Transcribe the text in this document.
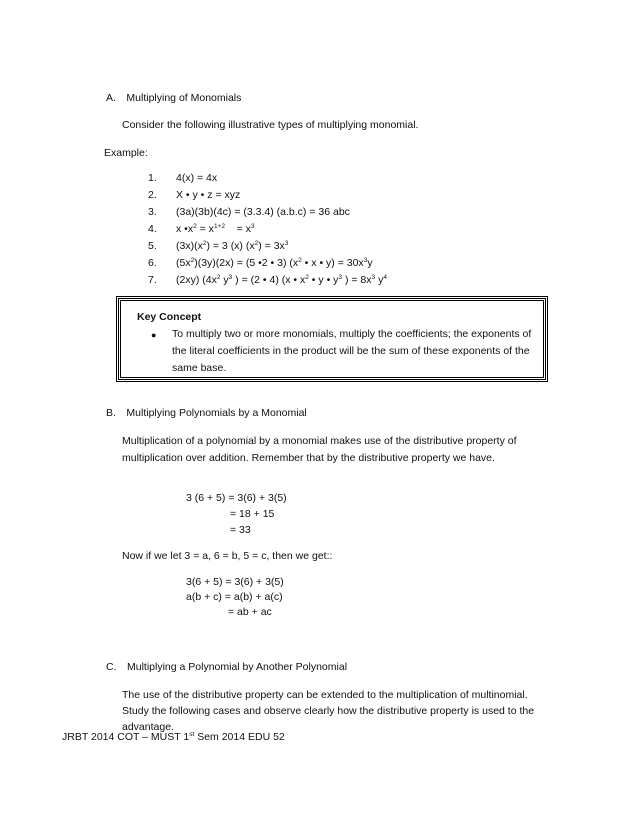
A. Multiplying of Monomials
Consider the following illustrative types of multiplying monomial.
Example:
1. 4(x) = 4x
2. X • y • z = xyz
3. (3a)(3b)(4c) = (3.3.4) (a.b.c) = 36 abc
4. x $•x^2 = x^{1+2}$    = $x^3$
5. $(3x)(x^2) = 3$ (x) $(x^2) = 3x^3$
6. $(5x^2)(3y)(2x) = (5$ •2 • 3) ($x^2$ • x • $y) = 30x^3y$
7. (2xy) ($4x^2$ $y^3$ ) = (2 • 4) (x • $x^2$ • y • $y^3$ ) = $8x^3$ $y^4$
Key Concept
● To multiply two or more monomials, multiply the coefficients; the exponents of the literal coefficients in the product will be the sum of these exponents of the same base.
B. Multiplying Polynomials by a Monomial
Multiplication of a polynomial by a monomial makes use of the distributive property of multiplication over addition. Remember that by the distributive property we have.
3 (6 + 5) = 3(6) + 3(5)
= 18 + 15
= 33
Now if we let 3 = a, 6 = b, 5 = c, then we get::
3(6 + 5) = 3(6) + 3(5)
a(b + c) = a(b) + a(c)
= ab + ac
C. Multiplying a Polynomial by Another Polynomial
The use of the distributive property can be extended to the multiplication of multinomial. Study the following cases and observe clearly how the distributive property is used to the advantage.
JRBT 2014 COT – MUST 1st Sem 2014 EDU 52
